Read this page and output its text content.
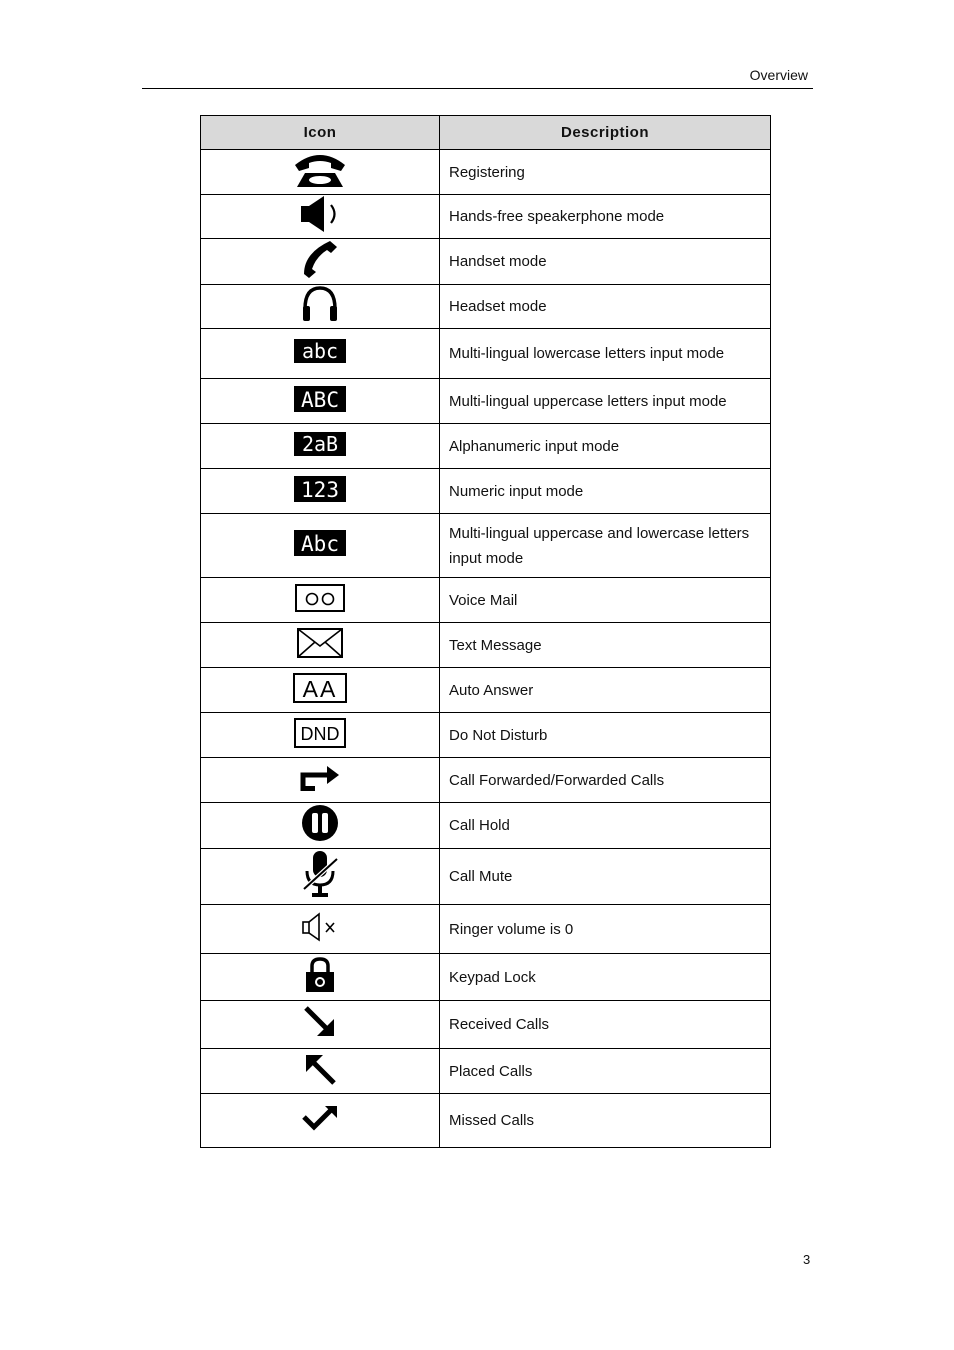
Overview
Icon	Description

	Registering

	Hands-free speakerphone mode

	Handset mode

	Headset mode

abc	Multi-lingual lowercase letters input mode

ABC	Multi-lingual uppercase letters input mode

2aB	Alphanumeric input mode

123	Numeric input mode

Abc	Multi-lingual uppercase and lowercase letters input mode

	Voice Mail

	Text Message

AA	Auto Answer

DND	Do Not Disturb

	Call Forwarded/Forwarded Calls

	Call Hold

	Call Mute

	Ringer volume is 0

	Keypad Lock

	Received Calls

	Placed Calls

	Missed Calls
3
